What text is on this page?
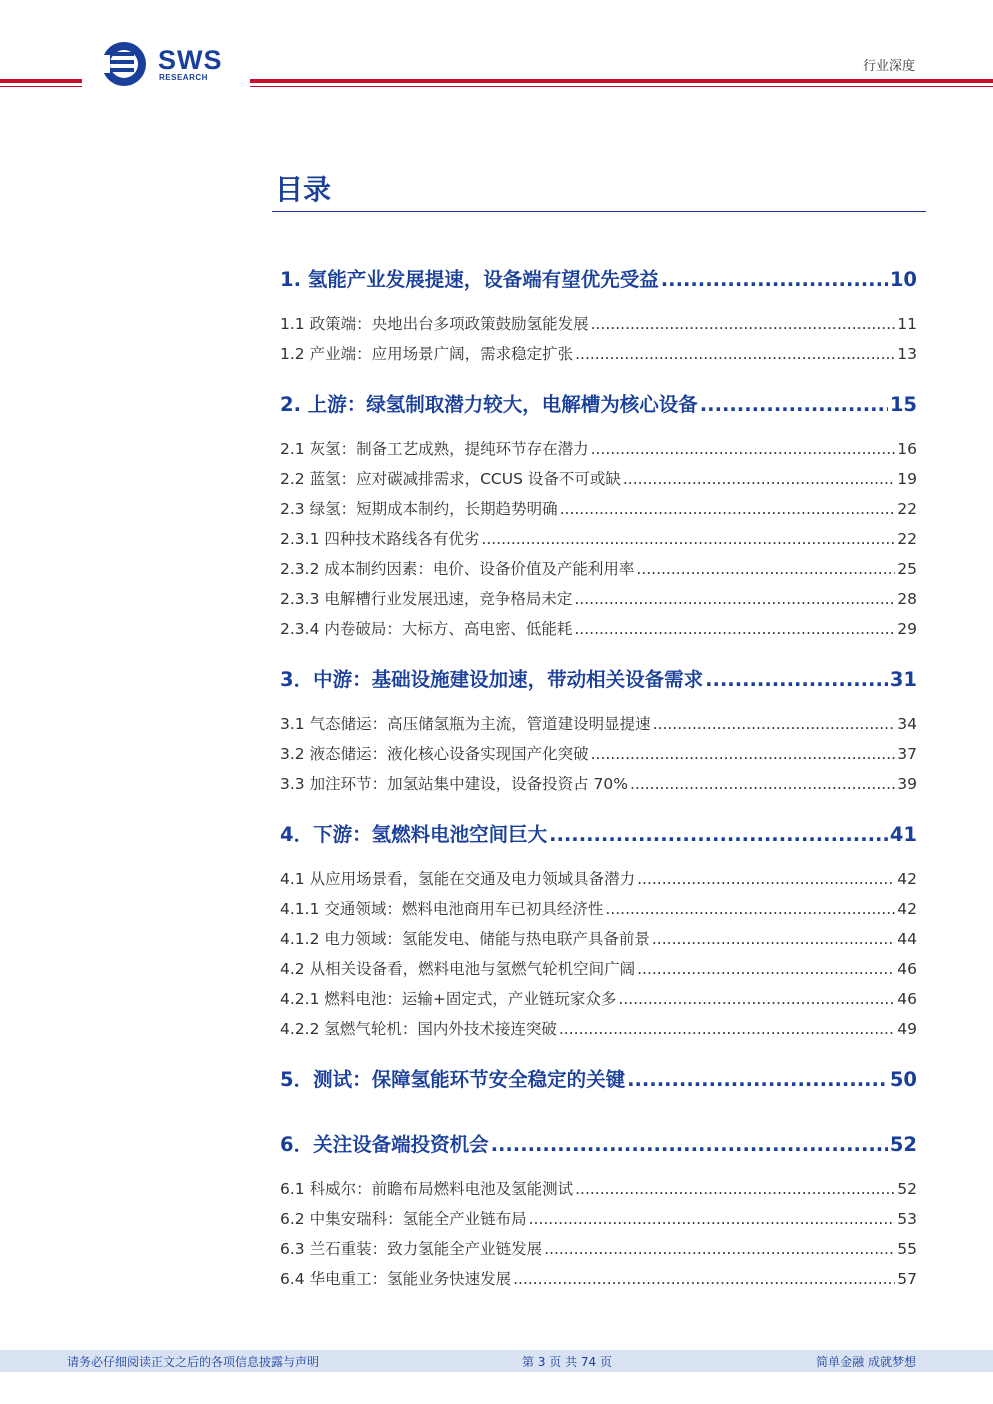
SWS
RESEARCH
行业深度
目录
1. 氢能产业发展提速，设备端有望优先受益 .....	10
1.1 政策端：央地出台多项政策鼓励氢能发展 .....	11
1.2 产业端：应用场景广阔，需求稳定扩张 .....	13
2. 上游：绿氢制取潜力较大，电解槽为核心设备 .....	15
2.1 灰氢：制备工艺成熟，提纯环节存在潜力 .....	16
2.2 蓝氢：应对碳减排需求，CCUS 设备不可或缺 .....	19
2.3 绿氢：短期成本制约，长期趋势明确 .....	22
2.3.1 四种技术路线各有优劣 .....	22
2.3.2 成本制约因素：电价、设备价值及产能利用率 .....	25
2.3.3 电解槽行业发展迅速，竞争格局未定 .....	28
2.3.4 内卷破局：大标方、高电密、低能耗 .....	29
3．中游：基础设施建设加速，带动相关设备需求 .....	31
3.1 气态储运：高压储氢瓶为主流，管道建设明显提速 .....	34
3.2 液态储运：液化核心设备实现国产化突破 .....	37
3.3 加注环节：加氢站集中建设，设备投资占 70% .....	39
4．下游：氢燃料电池空间巨大 .....	41
4.1 从应用场景看，氢能在交通及电力领域具备潜力 .....	42
4.1.1 交通领域：燃料电池商用车已初具经济性 .....	42
4.1.2 电力领域：氢能发电、储能与热电联产具备前景 .....	44
4.2 从相关设备看，燃料电池与氢燃气轮机空间广阔 .....	46
4.2.1 燃料电池：运输+固定式，产业链玩家众多 .....	46
4.2.2 氢燃气轮机：国内外技术接连突破 .....	49
5．测试：保障氢能环节安全稳定的关键 .....	50
6．关注设备端投资机会 .....	52
6.1 科威尔：前瞻布局燃料电池及氢能测试 .....	52
6.2 中集安瑞科：氢能全产业链布局 .....	53
6.3 兰石重装：致力氢能全产业链发展 .....	55
6.4 华电重工：氢能业务快速发展 .....	57
请务必仔细阅读正文之后的各项信息披露与声明	第 3 页 共 74 页	简单金融 成就梦想
